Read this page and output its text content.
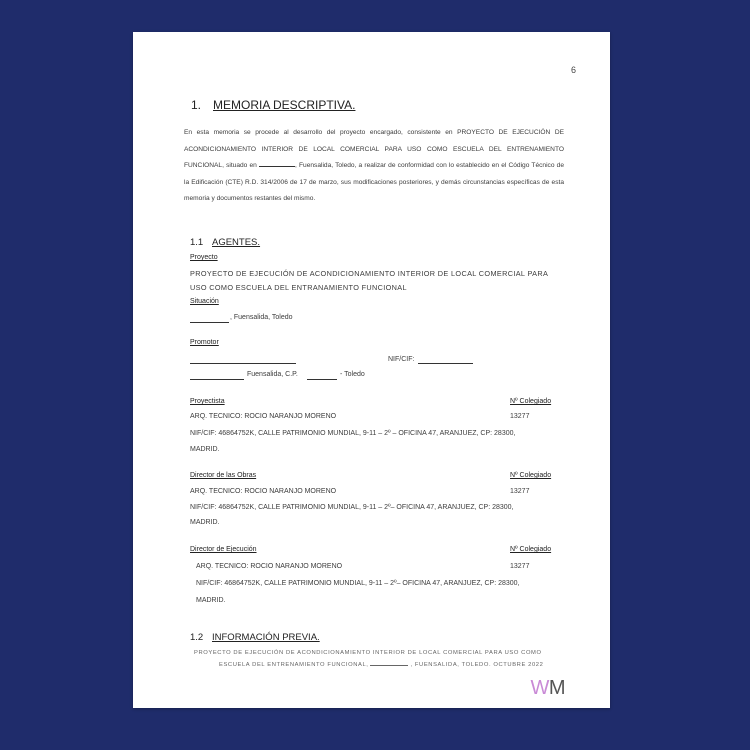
6
1. MEMORIA DESCRIPTIVA.
En esta memoria se procede al desarrollo del proyecto encargado, consistente en PROYECTO DE EJECUCIÓN DE ACONDICIONAMIENTO INTERIOR DE LOCAL COMERCIAL PARA USO COMO ESCUELA DEL ENTRENAMIENTO FUNCIONAL, situado en	, Fuensalida, Toledo, a realizar de conformidad con lo establecido en el Código Técnico de la Edificación (CTE) R.D. 314/2006 de 17 de marzo, sus modificaciones posteriores, y demás circunstancias específicas de esta memoria y documentos restantes del mismo.
1.1 AGENTES.
Proyecto
PROYECTO DE EJECUCIÓN DE ACONDICIONAMIENTO INTERIOR DE LOCAL COMERCIAL PARA
USO COMO ESCUELA DEL ENTRANAMIENTO FUNCIONAL
Situación
, Fuensalida, Toledo
Promotor
NIF/CIF:
Fuensalida, C.P.	- Toledo
Proyectista	Nº Colegiado
ARQ. TECNICO: ROCIO NARANJO MORENO	13277
NIF/CIF: 46864752K, CALLE PATRIMONIO MUNDIAL, 9-11 – 2º – OFICINA 47, ARANJUEZ, CP: 28300,
MADRID.
Director de las Obras	Nº Colegiado
ARQ. TECNICO: ROCIO NARANJO MORENO	13277
NIF/CIF: 46864752K, CALLE PATRIMONIO MUNDIAL, 9-11 – 2º– OFICINA 47, ARANJUEZ, CP: 28300,
MADRID.
Director de Ejecución	Nº Colegiado
ARQ. TECNICO: ROCIO NARANJO MORENO	13277
NIF/CIF: 46864752K, CALLE PATRIMONIO MUNDIAL, 9-11 – 2º– OFICINA 47, ARANJUEZ, CP: 28300,
MADRID.
1.2 INFORMACIÓN PREVIA.
PROYECTO DE EJECUCIÓN DE ACONDICIONAMIENTO INTERIOR DE LOCAL COMERCIAL PARA USO COMO
ESCUELA DEL ENTRENAMIENTO FUNCIONAL,	, FUENSALIDA, TOLEDO. OCTUBRE 2022
WM
